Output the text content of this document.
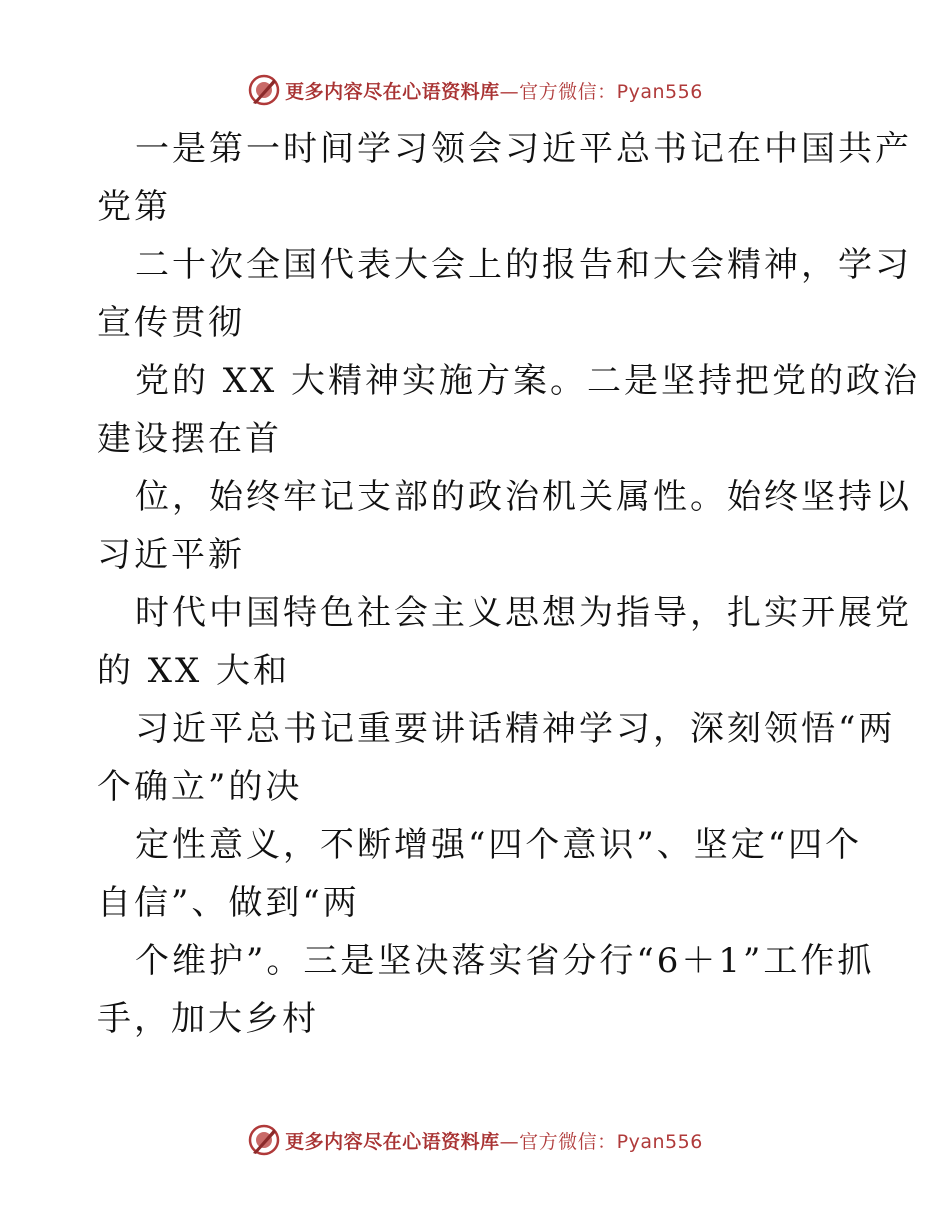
更多内容尽在心语资料库—官方微信：Pyan556
一是第一时间学习领会习近平总书记在中国共产
党第
二十次全国代表大会上的报告和大会精神，学习
宣传贯彻
党的 XX 大精神实施方案。二是坚持把党的政治
建设摆在首
位，始终牢记支部的政治机关属性。始终坚持以
习近平新
时代中国特色社会主义思想为指导，扎实开展党
的 XX 大和
习近平总书记重要讲话精神学习，深刻领悟“两
个确立”的决
定性意义，不断增强“四个意识”、坚定“四个
自信”、做到“两
个维护”。三是坚决落实省分行“6＋1”工作抓
手，加大乡村
更多内容尽在心语资料库—官方微信：Pyan556
